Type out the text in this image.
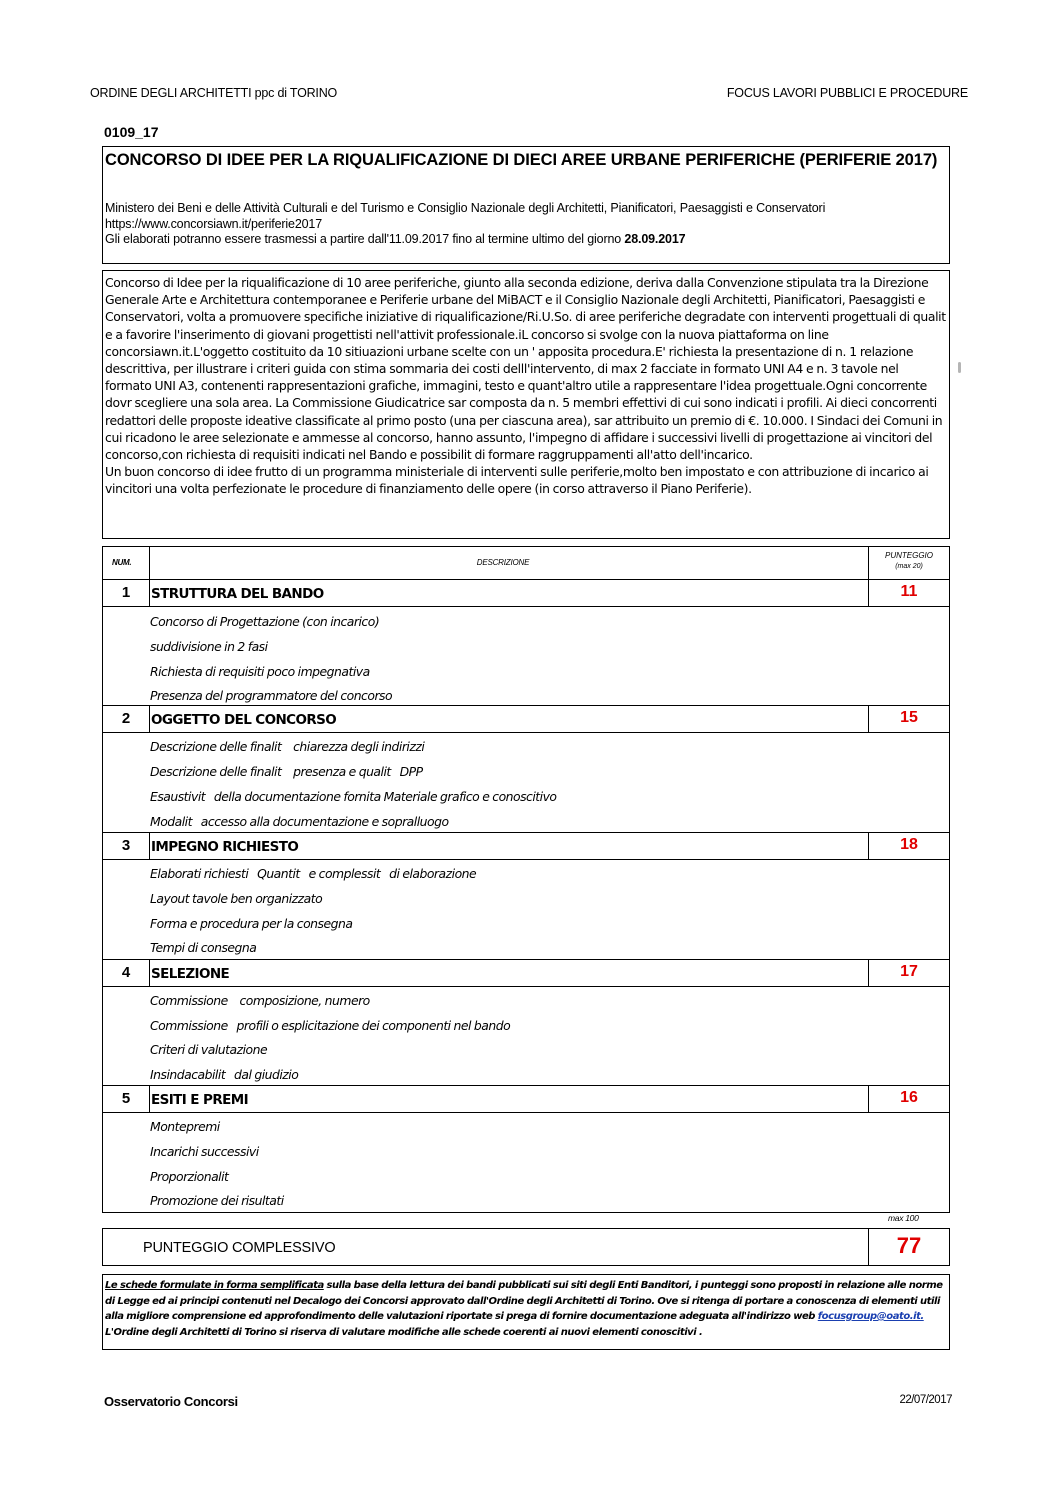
ORDINE DEGLI ARCHITETTI ppc di TORINO	FOCUS LAVORI PUBBLICI E PROCEDURE
0109_17
CONCORSO DI IDEE PER LA RIQUALIFICAZIONE DI DIECI AREE URBANE PERIFERICHE (PERIFERIE 2017)
Ministero dei Beni e delle Attività Culturali e del Turismo e Consiglio Nazionale degli Architetti, Pianificatori, Paesaggisti e Conservatori
https://www.concorsiawn.it/periferie2017
Gli elaborati potranno essere trasmessi a partire dall'11.09.2017 fino al termine ultimo del giorno 28.09.2017
Concorso di Idee per la riqualificazione di 10 aree periferiche, giunto alla seconda edizione, deriva dalla Convenzione stipulata tra la Direzione Generale Arte e Architettura contemporanee e Periferie urbane del MiBACT e il Consiglio Nazionale degli Architetti, Pianificatori, Paesaggisti e Conservatori, volta a promuovere specifiche iniziative di riqualificazione/Ri.U.So. di aree periferiche degradate con interventi progettuali di qualit e a favorire l'inserimento di giovani progettisti nell'attivit professionale.iL concorso si svolge con la nuova piattaforma on line concorsiawn.it.L'oggetto costituito da 10 sitiuazioni urbane scelte con un ' apposita procedura.E' richiesta la presentazione di n. 1 relazione descrittiva, per illustrare i criteri guida con stima sommaria dei costi delll'intervento, di max 2 facciate in formato UNI A4 e n. 3 tavole nel formato UNI A3, contenenti rappresentazioni grafiche, immagini, testo e quant'altro utile a rappresentare l'idea progettuale.Ogni concorrente dovr scegliere una sola area. La Commissione Giudicatrice sar composta da n. 5 membri effettivi di cui sono indicati i profili. Ai dieci concorrenti redattori delle proposte ideative classificate al primo posto (una per ciascuna area), sar attribuito un premio di €. 10.000. I Sindaci dei Comuni in cui ricadono le aree selezionate e ammesse al concorso, hanno assunto, l'impegno di affidare i successivi livelli di progettazione ai vincitori del concorso,con richiesta di requisiti indicati nel Bando e possibilit di formare raggruppamenti all'atto dell'incarico.
Un buon concorso di idee frutto di un programma ministeriale di interventi sulle periferie,molto ben impostato e con attribuzione di incarico ai vincitori una volta perfezionate le procedure di finanziamento delle opere (in corso attraverso il Piano Periferie).
NUM.	DESCRIZIONE
PUNTEGGIO
(max 20)
1	STRUTTURA DEL BANDO	11
Concorso di Progettazione (con incarico)
suddivisione in 2 fasi
Richiesta di requisiti poco impegnativa
Presenza del programmatore del concorso
2	OGGETTO DEL CONCORSO	15
Descrizione delle finalit    chiarezza degli indirizzi
Descrizione delle finalit    presenza e qualit   DPP
Esaustivit   della documentazione fornita Materiale grafico e conoscitivo
Modalit   accesso alla documentazione e sopralluogo
3	IMPEGNO RICHIESTO	18
Elaborati richiesti   Quantit   e complessit   di elaborazione
Layout tavole ben organizzato
Forma e procedura per la consegna
Tempi di consegna
4	SELEZIONE	17
Commissione    composizione, numero
Commissione   profili o esplicitazione dei componenti nel bando
Criteri di valutazione
Insindacabilit   dal giudizio
5	ESITI E PREMI	16
Montepremi
Incarichi successivi
Proporzionalit
Promozione dei risultati
max 100
PUNTEGGIO COMPLESSIVO	77
Le schede formulate in forma semplificata sulla base della lettura dei bandi pubblicati sui siti degli Enti Banditori, i punteggi sono proposti in relazione alle norme di Legge ed ai principi contenuti nel Decalogo dei Concorsi approvato dall'Ordine degli Architetti di Torino. Ove si ritenga di portare a conoscenza di elementi utili alla migliore comprensione ed approfondimento delle valutazioni riportate si prega di fornire documentazione adeguata all'indirizzo web focusgroup@oato.it. L'Ordine degli Architetti di Torino si riserva di valutare modifiche alle schede coerenti ai nuovi elementi conoscitivi .
Osservatorio Concorsi	22/07/2017
